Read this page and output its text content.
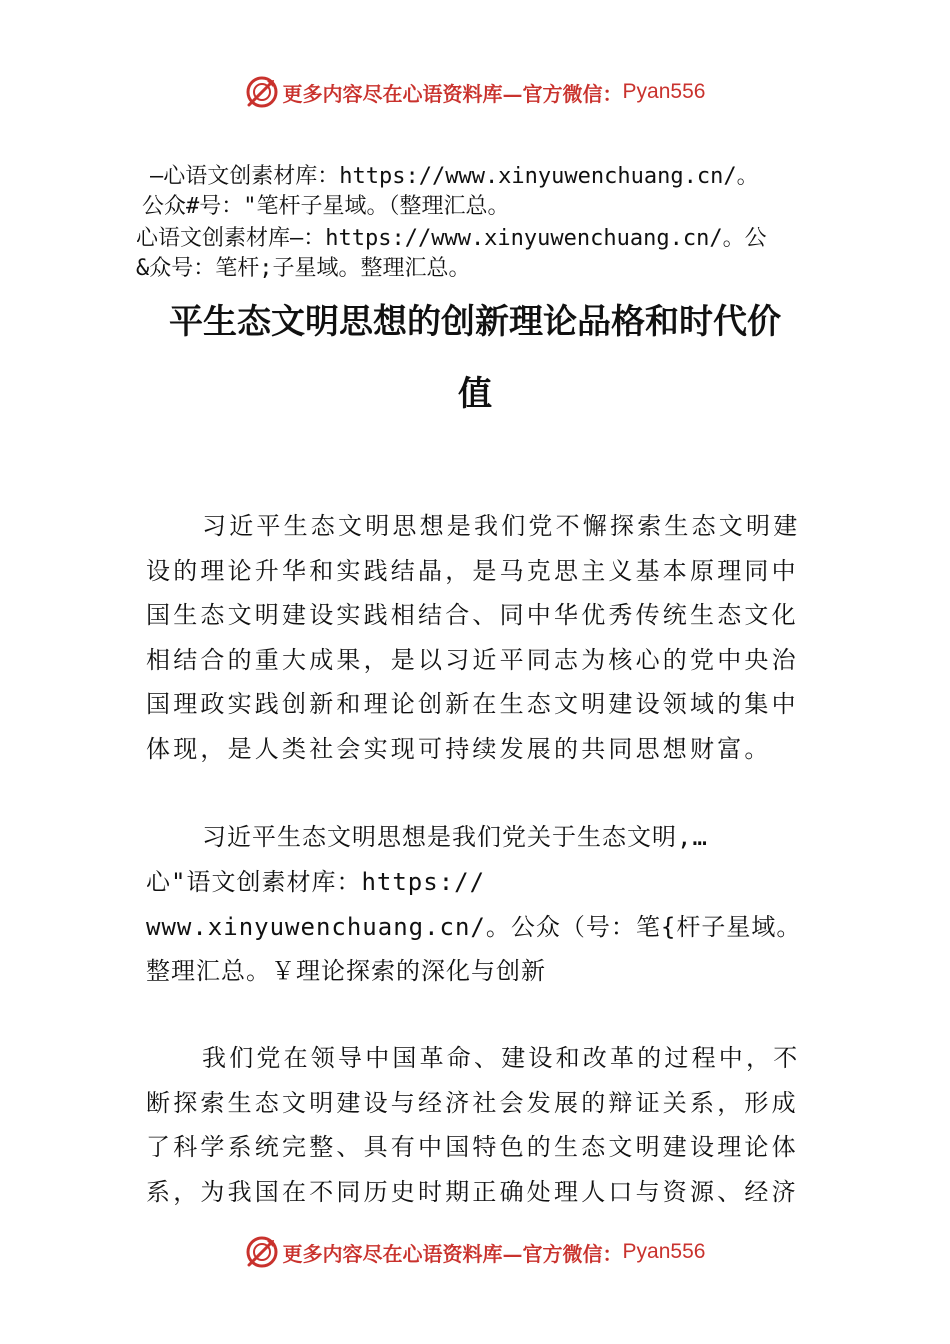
更多内容尽在心语资料库—官方微信： Pyan556
—心语文创素材库：https://www.xinyuwenchuang.cn/。
公众#号："笔杆子星域。（整理汇总。
心语文创素材库—：https://www.xinyuwenchuang.cn/。公
&众号：笔杆;子星域。整理汇总。
平生态文明思想的创新理论品格和时代价
值
习近平生态文明思想是我们党不懈探索生态文明建设的理论升华和实践结晶，是马克思主义基本原理同中国生态文明建设实践相结合、同中华优秀传统生态文化相结合的重大成果，是以习近平同志为核心的党中央治国理政实践创新和理论创新在生态文明建设领域的集中体现，是人类社会实现可持续发展的共同思想财富。
习近平生态文明思想是我们党关于生态文明,…
心"语文创素材库：https://
www.xinyuwenchuang.cn/。公众（号：笔{杆子星域。
整理汇总。￥理论探索的深化与创新
我们党在领导中国革命、建设和改革的过程中，不断探索生态文明建设与经济社会发展的辩证关系，形成了科学系统完整、具有中国特色的生态文明建设理论体系，为我国在不同历史时期正确处理人口与资源、经济
更多内容尽在心语资料库—官方微信： Pyan556
